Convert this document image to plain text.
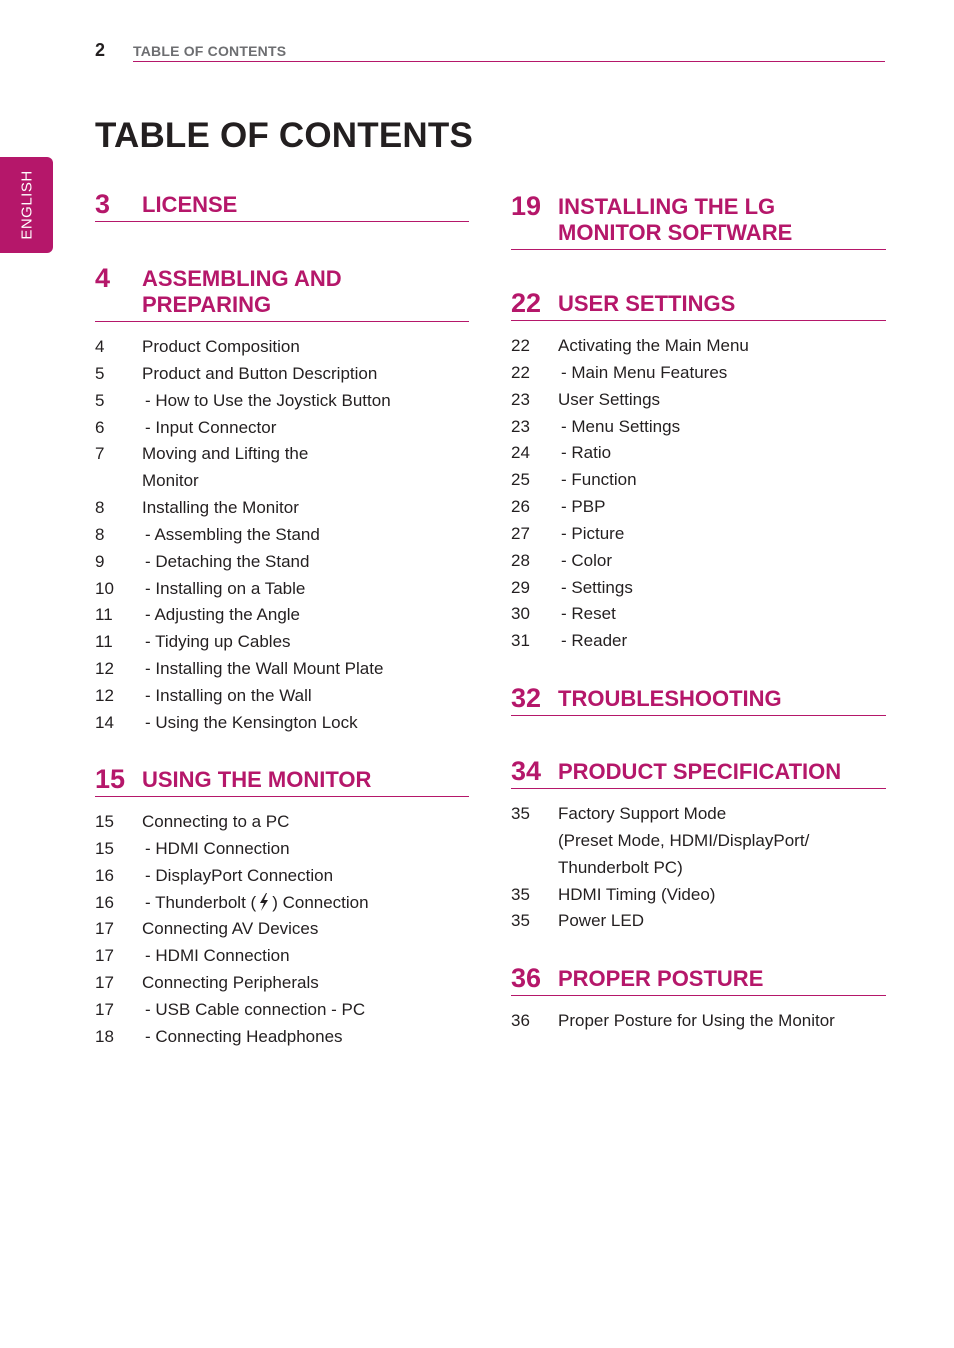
2 TABLE OF CONTENTS
ENGLISH
TABLE OF CONTENTS
3 LICENSE
4 ASSEMBLING AND
PREPARING
4 Product Composition
5 Product and Button Description
5	- How to Use the Joystick Button
6	- Input Connector
7 Moving and Lifting the
Monitor
8 Installing the Monitor
8	- Assembling the Stand
9	- Detaching the Stand
10	- Installing on a Table
11	- Adjusting the Angle
11	- Tidying up Cables
12	- Installing the Wall Mount Plate
12	- Installing on the Wall
14	- Using the Kensington Lock
15 USING THE MONITOR
15 Connecting to a PC
15	- HDMI Connection
16	- DisplayPort Connection
16	- Thunderbolt ( ) Connection
17 Connecting AV Devices
17	- HDMI Connection
17 Connecting Peripherals
17	- USB Cable connection - PC
18	- Connecting Headphones
19 INSTALLING THE LG
MONITOR SOFTWARE
22 USER SETTINGS
22 Activating the Main Menu
22	- Main Menu Features
23 User Settings
23	- Menu Settings
24	- Ratio
25	- Function
26	- PBP
27	- Picture
28	- Color
29	- Settings
30	- Reset
31	- Reader
32 TROUBLESHOOTING
34 PRODUCT SPECIFICATION
35 Factory Support Mode
(Preset Mode, HDMI/DisplayPort/
Thunderbolt PC)
35 HDMI Timing (Video)
35 Power LED
36 PROPER POSTURE
36 Proper Posture for Using the Monitor
